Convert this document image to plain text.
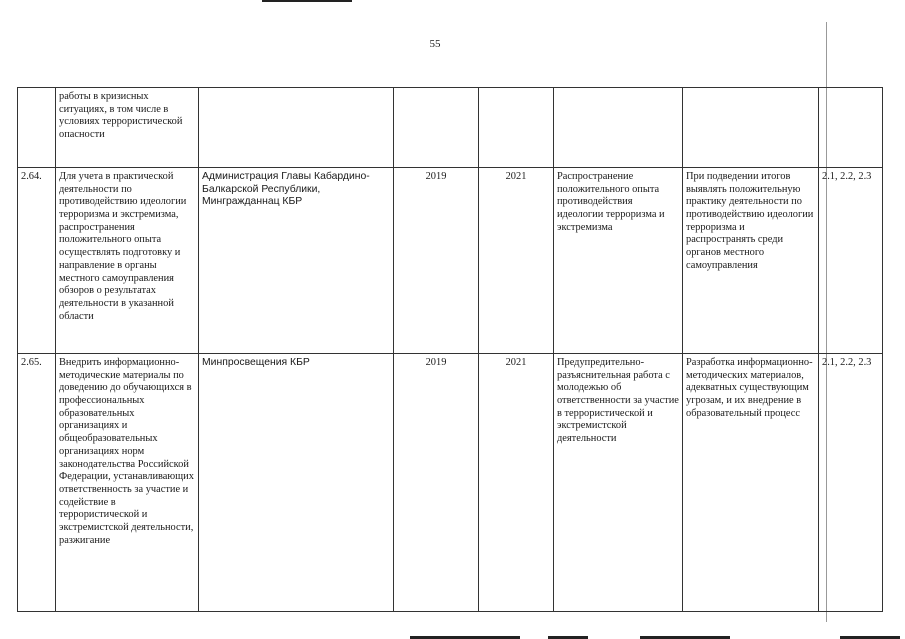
55
	работы в кризисных ситуациях, в том числе в условиях террористической опасности						
2.64.	Для учета в практической деятельности по противодействию идеологии терроризма и экстремизма, распространения положительного опыта осуществлять подготовку и направление в органы местного самоуправления обзоров о результатах деятельности в указанной области	Администрация Главы Кабардино-Балкарской Республики, Мингражданнац КБР	2019	2021	Распространение положительного опыта противодействия идеологии терроризма и экстремизма	При подведении итогов выявлять положительную практику деятельности по противодействию идеологии терроризма и распространять среди органов местного самоуправления	2.1, 2.2, 2.3
2.65.	Внедрить информационно-методические материалы по доведению до обучающихся в профессиональных образовательных организациях и общеобразовательных организациях норм законодательства Российской Федерации, устанавливающих ответственность за участие и содействие в террористической и экстремистской деятельности, разжигание	Минпросвещения КБР	2019	2021	Предупредительно-разъяснительная работа с молодежью об ответственности за участие в террористической и экстремистской деятельности	Разработка информационно-методических материалов, адекватных существующим угрозам, и их внедрение в образовательный процесс	2.1, 2.2, 2.3
